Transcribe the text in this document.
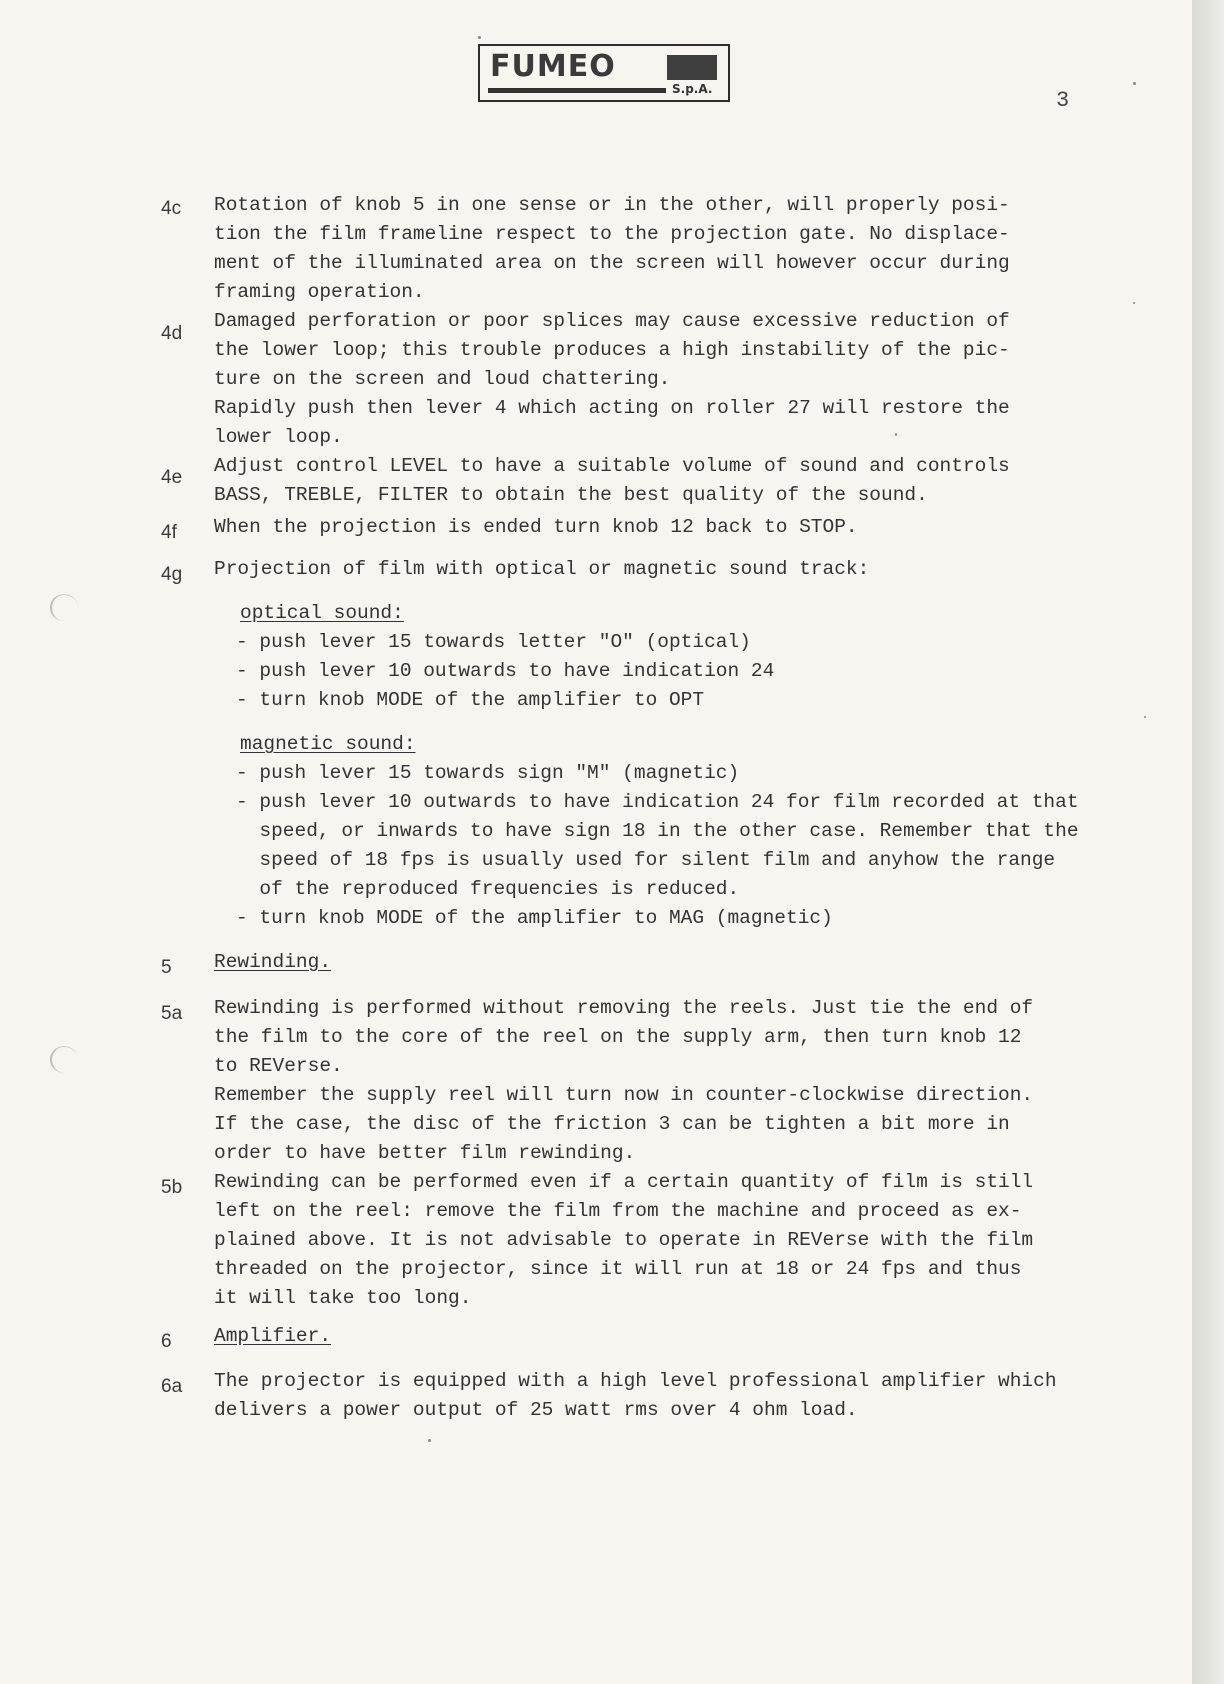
FUMEO
S.p.A.	3
4c Rotation of knob 5 in one sense or in the other, will properly posi-
tion the film frameline respect to the projection gate. No displace-
ment of the illuminated area on the screen will however occur during
framing operation.
4d
Damaged perforation or poor splices may cause excessive reduction of
the lower loop; this trouble produces a high instability of the pic-
ture on the screen and loud chattering.
Rapidly push then lever 4 which acting on roller 27 will restore the
lower loop.
4e
Adjust control LEVEL to have a suitable volume of sound and controls
BASS, TREBLE, FILTER to obtain the best quality of the sound.
4f When the projection is ended turn knob 12 back to STOP.
4g Projection of film with optical or magnetic sound track:
optical sound:
- push lever 15 towards letter "O" (optical)
- push lever 10 outwards to have indication 24
- turn knob MODE of the amplifier to OPT
magnetic sound:
- push lever 15 towards sign "M" (magnetic)
- push lever 10 outwards to have indication 24 for film recorded at that
speed, or inwards to have sign 18 in the other case. Remember that the
speed of 18 fps is usually used for silent film and anyhow the range
of the reproduced frequencies is reduced.
- turn knob MODE of the amplifier to MAG (magnetic)
5 Rewinding.
5a Rewinding is performed without removing the reels. Just tie the end of
the film to the core of the reel on the supply arm, then turn knob 12
to REVerse.
Remember the supply reel will turn now in counter-clockwise direction.
If the case, the disc of the friction 3 can be tighten a bit more in
order to have better film rewinding.
5b Rewinding can be performed even if a certain quantity of film is still
left on the reel: remove the film from the machine and proceed as ex-
plained above. It is not advisable to operate in REVerse with the film
threaded on the projector, since it will run at 18 or 24 fps and thus
it will take too long.
6 Amplifier.
6a The projector is equipped with a high level professional amplifier which
delivers a power output of 25 watt rms over 4 ohm load.
